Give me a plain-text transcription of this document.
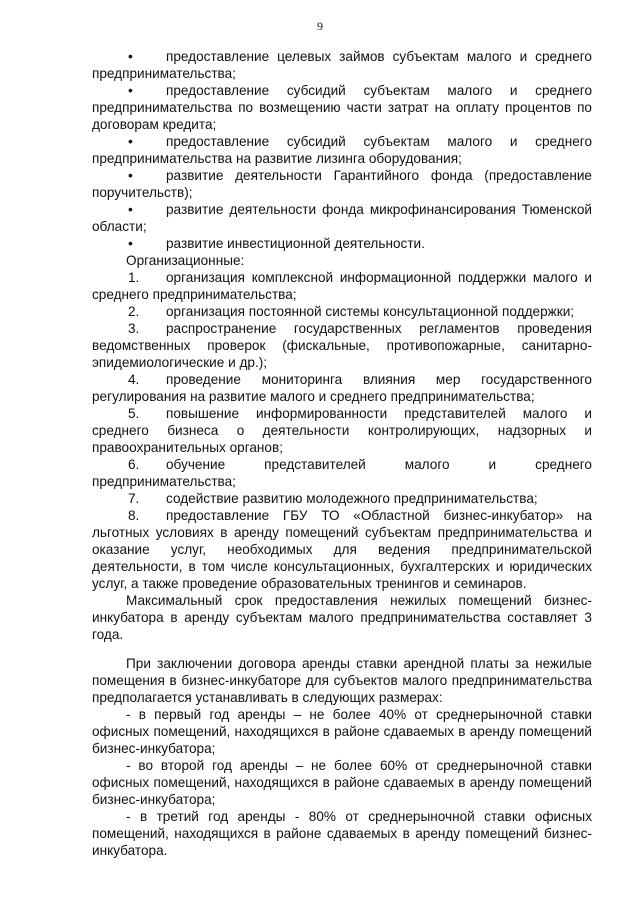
9

• предоставление целевых займов субъектам малого и среднего предпринимательства;

• предоставление субсидий субъектам малого и среднего предпринимательства по возмещению части затрат на оплату процентов по договорам кредита;

• предоставление субсидий субъектам малого и среднего предпринимательства на развитие лизинга оборудования;

• развитие деятельности Гарантийного фонда (предоставление поручительств);

• развитие деятельности фонда микрофинансирования Тюменской области;

• развитие инвестиционной деятельности.

Организационные:

1. организация комплексной информационной поддержки малого и среднего предпринимательства;

2. организация постоянной системы консультационной поддержки;

3. распространение государственных регламентов проведения ведомственных проверок (фискальные, противопожарные, санитарно-эпидемиологические и др.);

4. проведение мониторинга влияния мер государственного регулирования на развитие малого и среднего предпринимательства;

5. повышение информированности представителей малого и среднего бизнеса о деятельности контролирующих, надзорных и правоохранительных органов;

6. обучение представителей малого и среднего предпринимательства;

7. содействие развитию молодежного предпринимательства;

8. предоставление ГБУ ТО «Областной бизнес-инкубатор» на льготных условиях в аренду помещений субъектам предпринимательства и оказание услуг, необходимых для ведения предпринимательской деятельности, в том числе консультационных, бухгалтерских и юридических услуг, а также проведение образовательных тренингов и семинаров.

Максимальный срок предоставления нежилых помещений бизнес-инкубатора в аренду субъектам малого предпринимательства составляет 3 года.

При заключении договора аренды ставки арендной платы за нежилые помещения в бизнес-инкубаторе для субъектов малого предпринимательства предполагается устанавливать в следующих размерах:

- в первый год аренды – не более 40% от среднерыночной ставки офисных помещений, находящихся в районе сдаваемых в аренду помещений бизнес-инкубатора;

- во второй год аренды – не более 60% от среднерыночной ставки офисных помещений, находящихся в районе сдаваемых в аренду помещений бизнес-инкубатора;

- в третий год аренды - 80% от среднерыночной ставки офисных помещений, находящихся в районе сдаваемых в аренду помещений бизнес-инкубатора.
